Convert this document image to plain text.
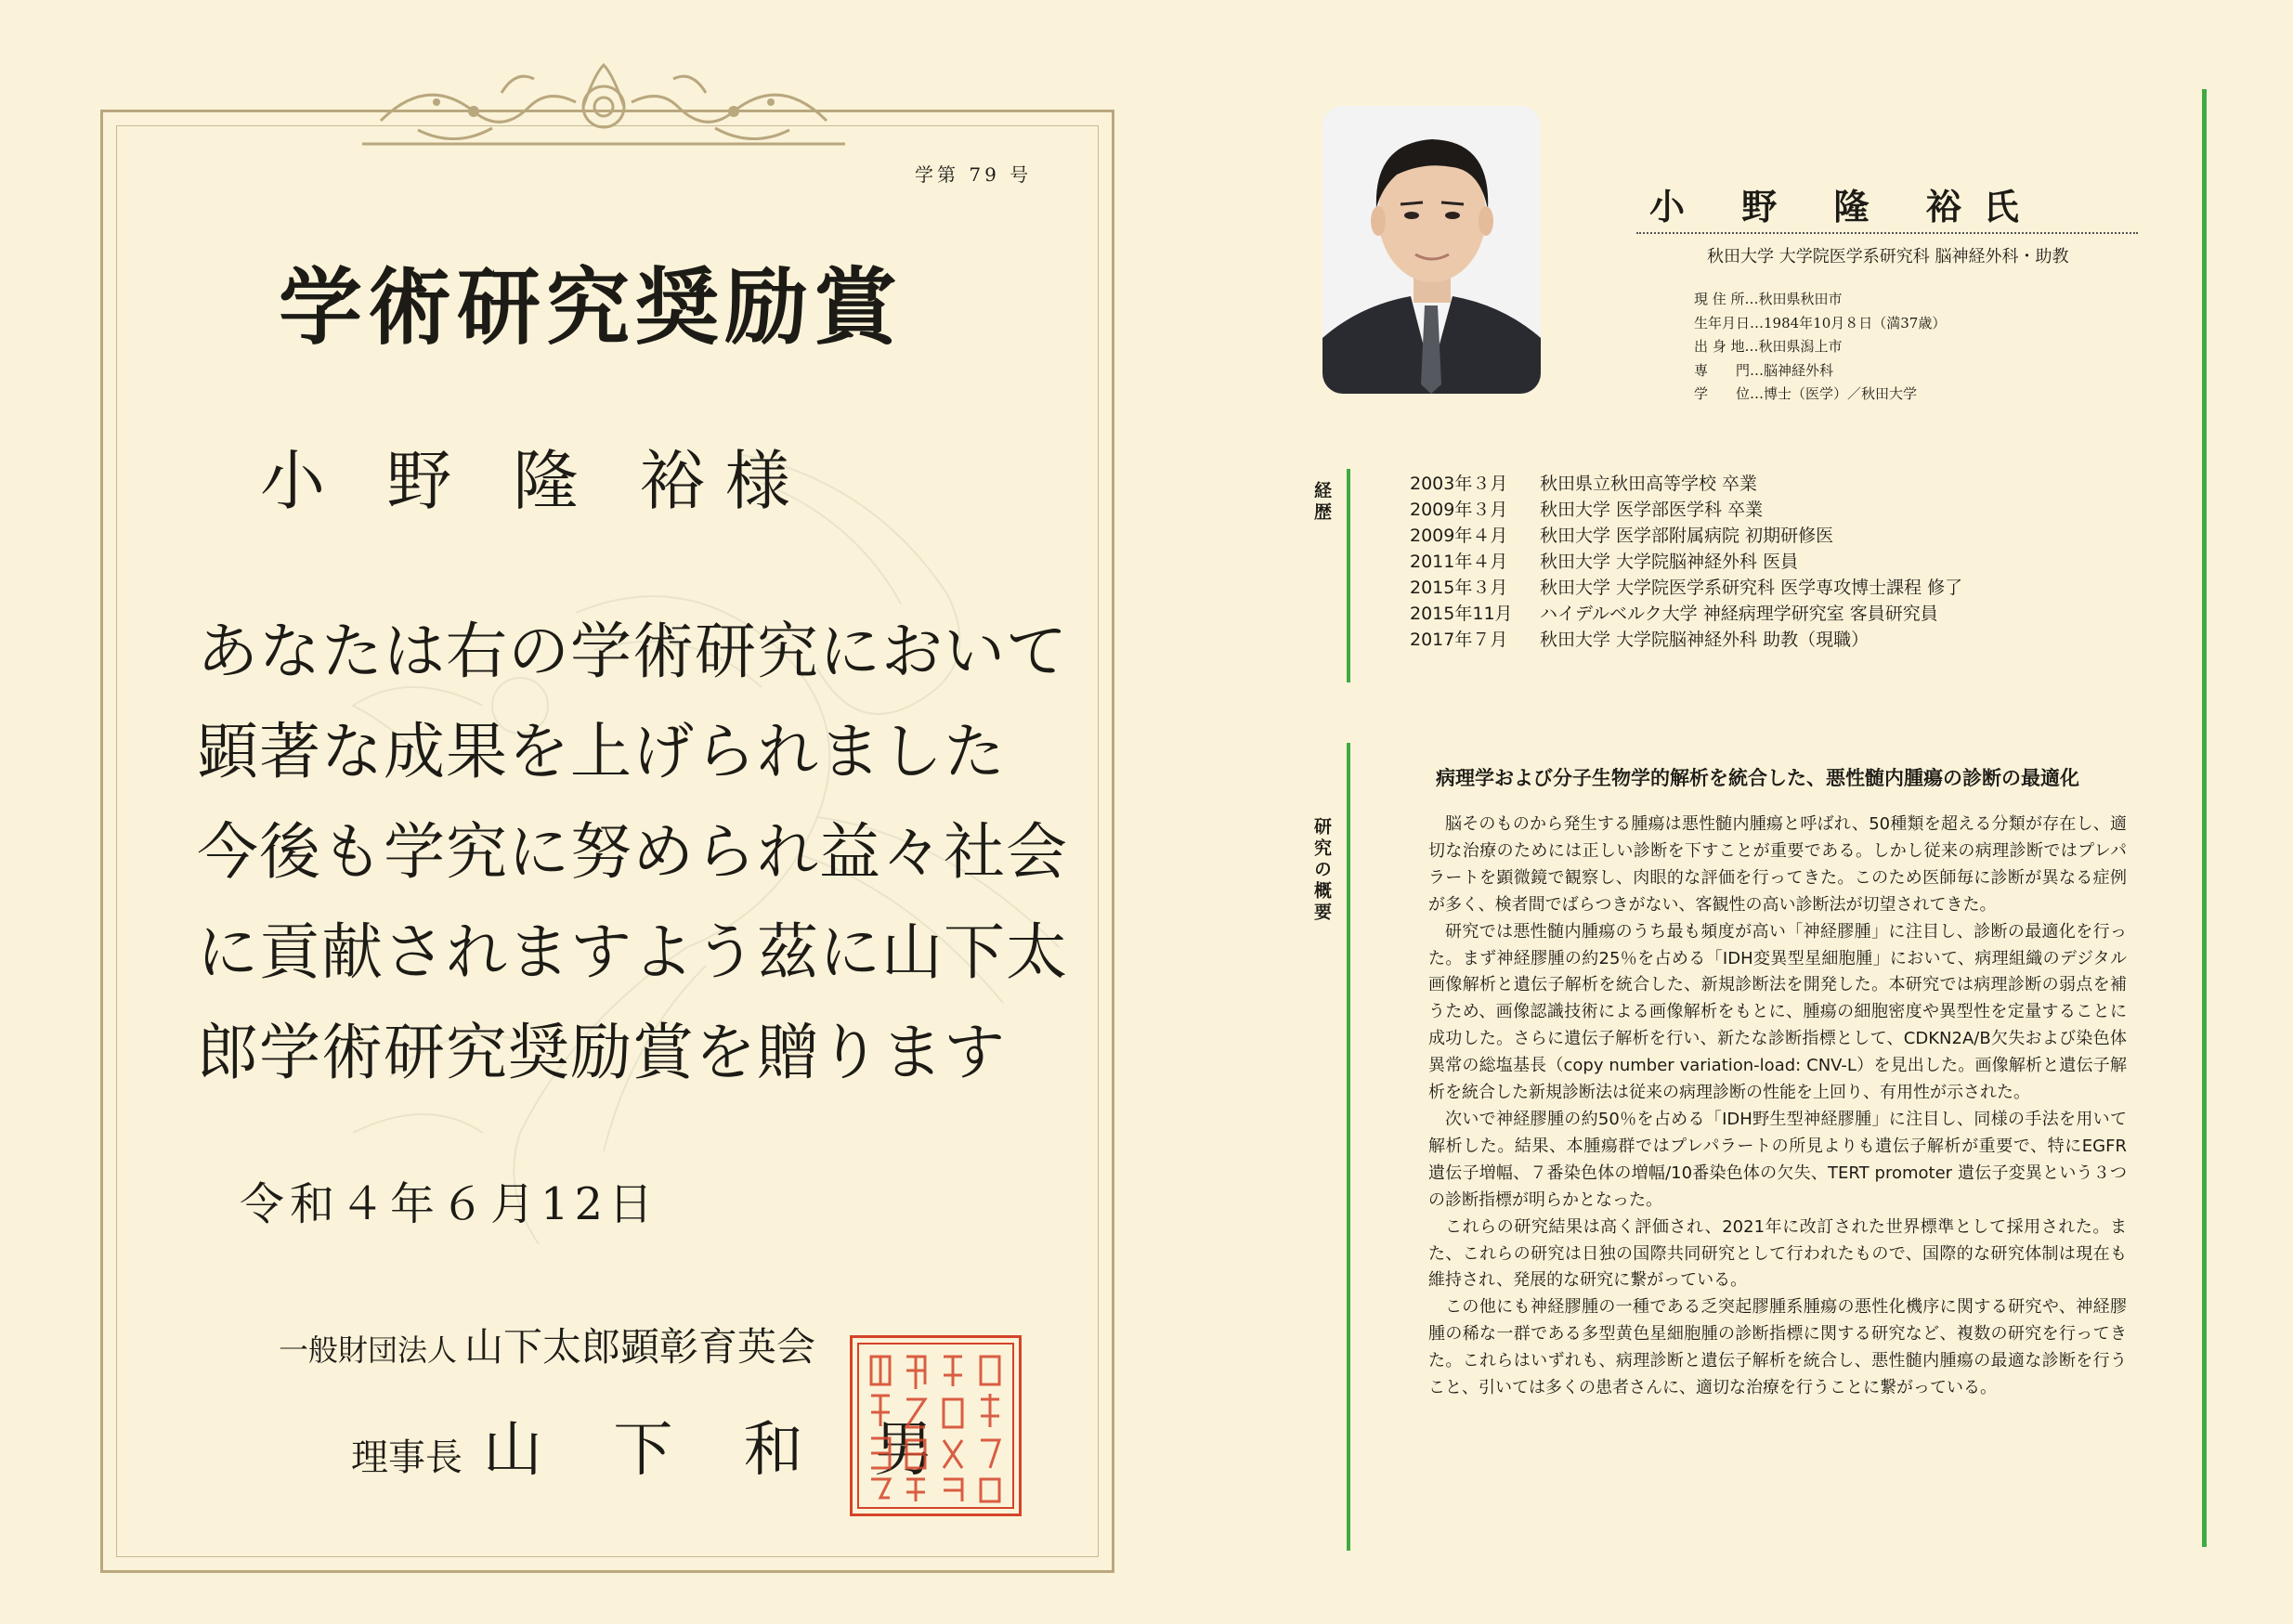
学第 79 号
学術研究奨励賞
小 野 隆 裕様
あなたは右の学術研究において
顕著な成果を上げられました
今後も学究に努められ益々社会
に貢献されますよう茲に山下太
郎学術研究奨励賞を贈ります
令和４年６月12日
一般財団法人 山下太郎顕彰育英会
理事長 山 下 和 男
小 野 隆 裕氏
秋田大学 大学院医学系研究科 脳神経外科・助教
現 住 所…秋田県秋田市
生年月日…1984年10月８日（満37歳）
出 身 地…秋田県潟上市
専　　門…脳神経外科
学　　位…博士（医学）／秋田大学
経歴	2003年３月 秋田県立秋田高等学校 卒業
2009年３月 秋田大学 医学部医学科 卒業
2009年４月 秋田大学 医学部附属病院 初期研修医
2011年４月 秋田大学 大学院脳神経外科 医員
2015年３月 秋田大学 大学院医学系研究科 医学専攻博士課程 修了
2015年11月 ハイデルベルク大学 神経病理学研究室 客員研究員
2017年７月 秋田大学 大学院脳神経外科 助教（現職）
研究の概要
病理学および分子生物学的解析を統合した、悪性髄内腫瘍の診断の最適化

脳そのものから発生する腫瘍は悪性髄内腫瘍と呼ばれ、50種類を超える分類が存在し、適切な治療のためには正しい診断を下すことが重要である。しかし従来の病理診断ではプレパラートを顕微鏡で観察し、肉眼的な評価を行ってきた。このため医師毎に診断が異なる症例が多く、検者間でばらつきがない、客観性の高い診断法が切望されてきた。

研究では悪性髄内腫瘍のうち最も頻度が高い「神経膠腫」に注目し、診断の最適化を行った。まず神経膠腫の約25％を占める「IDH変異型星細胞腫」において、病理組織のデジタル画像解析と遺伝子解析を統合した、新規診断法を開発した。本研究では病理診断の弱点を補うため、画像認識技術による画像解析をもとに、腫瘍の細胞密度や異型性を定量することに成功した。さらに遺伝子解析を行い、新たな診断指標として、CDKN2A/B欠失および染色体異常の総塩基長（copy number variation-load: CNV-L）を見出した。画像解析と遺伝子解析を統合した新規診断法は従来の病理診断の性能を上回り、有用性が示された。

次いで神経膠腫の約50％を占める「IDH野生型神経膠腫」に注目し、同様の手法を用いて解析した。結果、本腫瘍群ではプレパラートの所見よりも遺伝子解析が重要で、特にEGFR 遺伝子増幅、７番染色体の増幅/10番染色体の欠失、TERT promoter 遺伝子変異という３つの診断指標が明らかとなった。

これらの研究結果は高く評価され、2021年に改訂された世界標準として採用された。また、これらの研究は日独の国際共同研究として行われたもので、国際的な研究体制は現在も維持され、発展的な研究に繋がっている。

この他にも神経膠腫の一種である乏突起膠腫系腫瘍の悪性化機序に関する研究や、神経膠腫の稀な一群である多型黄色星細胞腫の診断指標に関する研究など、複数の研究を行ってきた。これらはいずれも、病理診断と遺伝子解析を統合し、悪性髄内腫瘍の最適な診断を行うこと、引いては多くの患者さんに、適切な治療を行うことに繋がっている。
